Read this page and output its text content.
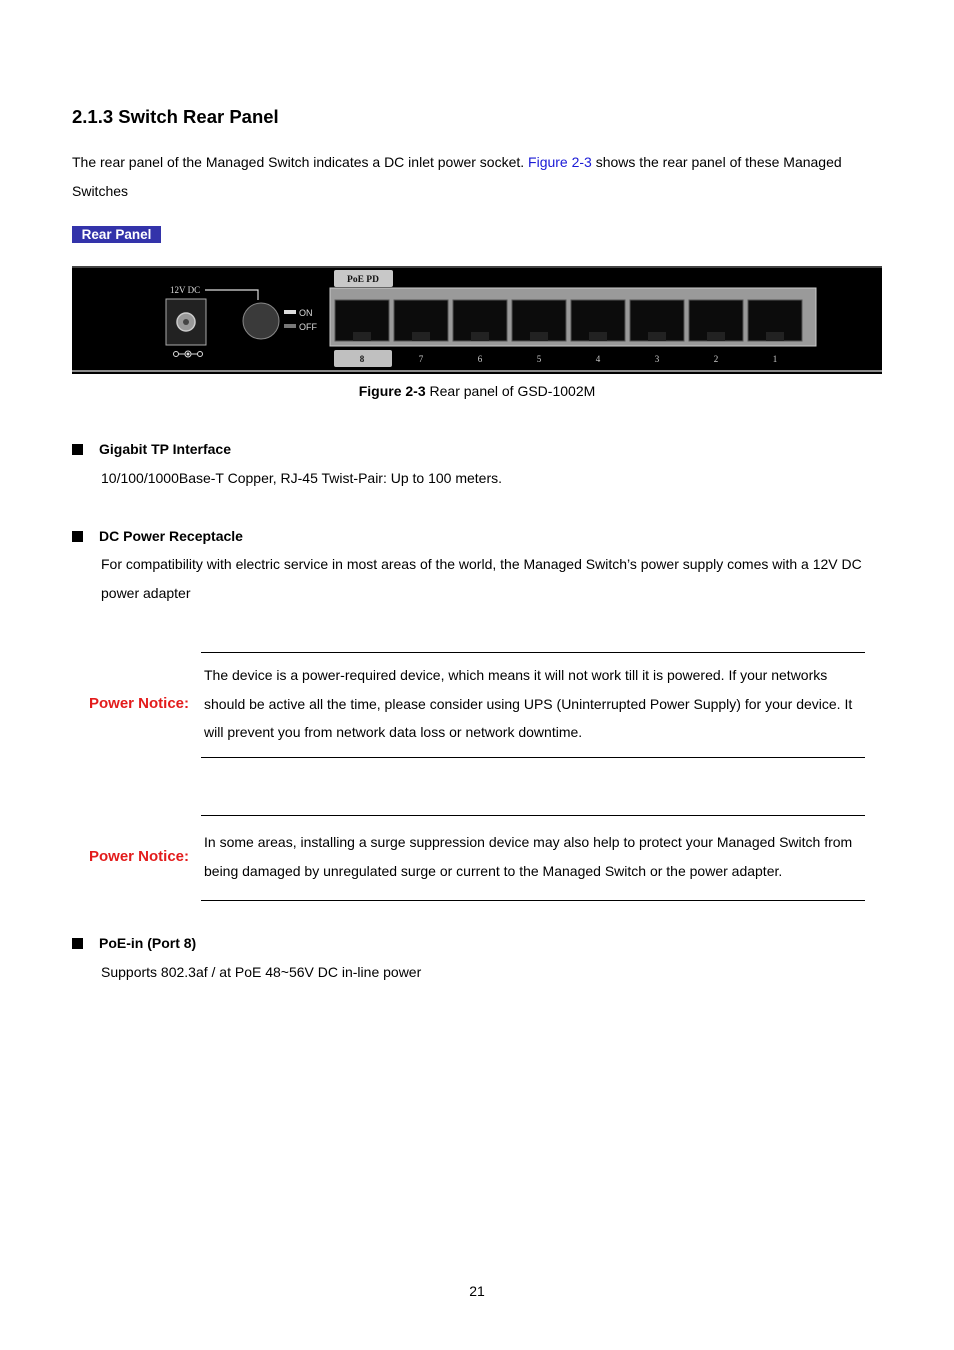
2.1.3 Switch Rear Panel
The rear panel of the Managed Switch indicates a DC inlet power socket. Figure 2-3 shows the rear panel of these Managed Switches
Rear Panel
12V DC
ON
OFF
PoE PD
8	7	6	5	4	3	2	1
Figure 2-3 Rear panel of GSD-1002M
Gigabit TP Interface
10/100/1000Base-T Copper, RJ-45 Twist-Pair: Up to 100 meters.
DC Power Receptacle
For compatibility with electric service in most areas of the world, the Managed Switch’s power supply comes with a 12V DC power adapter
Power Notice:
The device is a power-required device, which means it will not work till it is powered. If your networks should be active all the time, please consider using UPS (Uninterrupted Power Supply) for your device. It will prevent you from network data loss or network downtime.
Power Notice:
In some areas, installing a surge suppression device may also help to protect your Managed Switch from being damaged by unregulated surge or current to the Managed Switch or the power adapter.
PoE-in (Port 8)
Supports 802.3af / at PoE 48~56V DC in-line power
21
